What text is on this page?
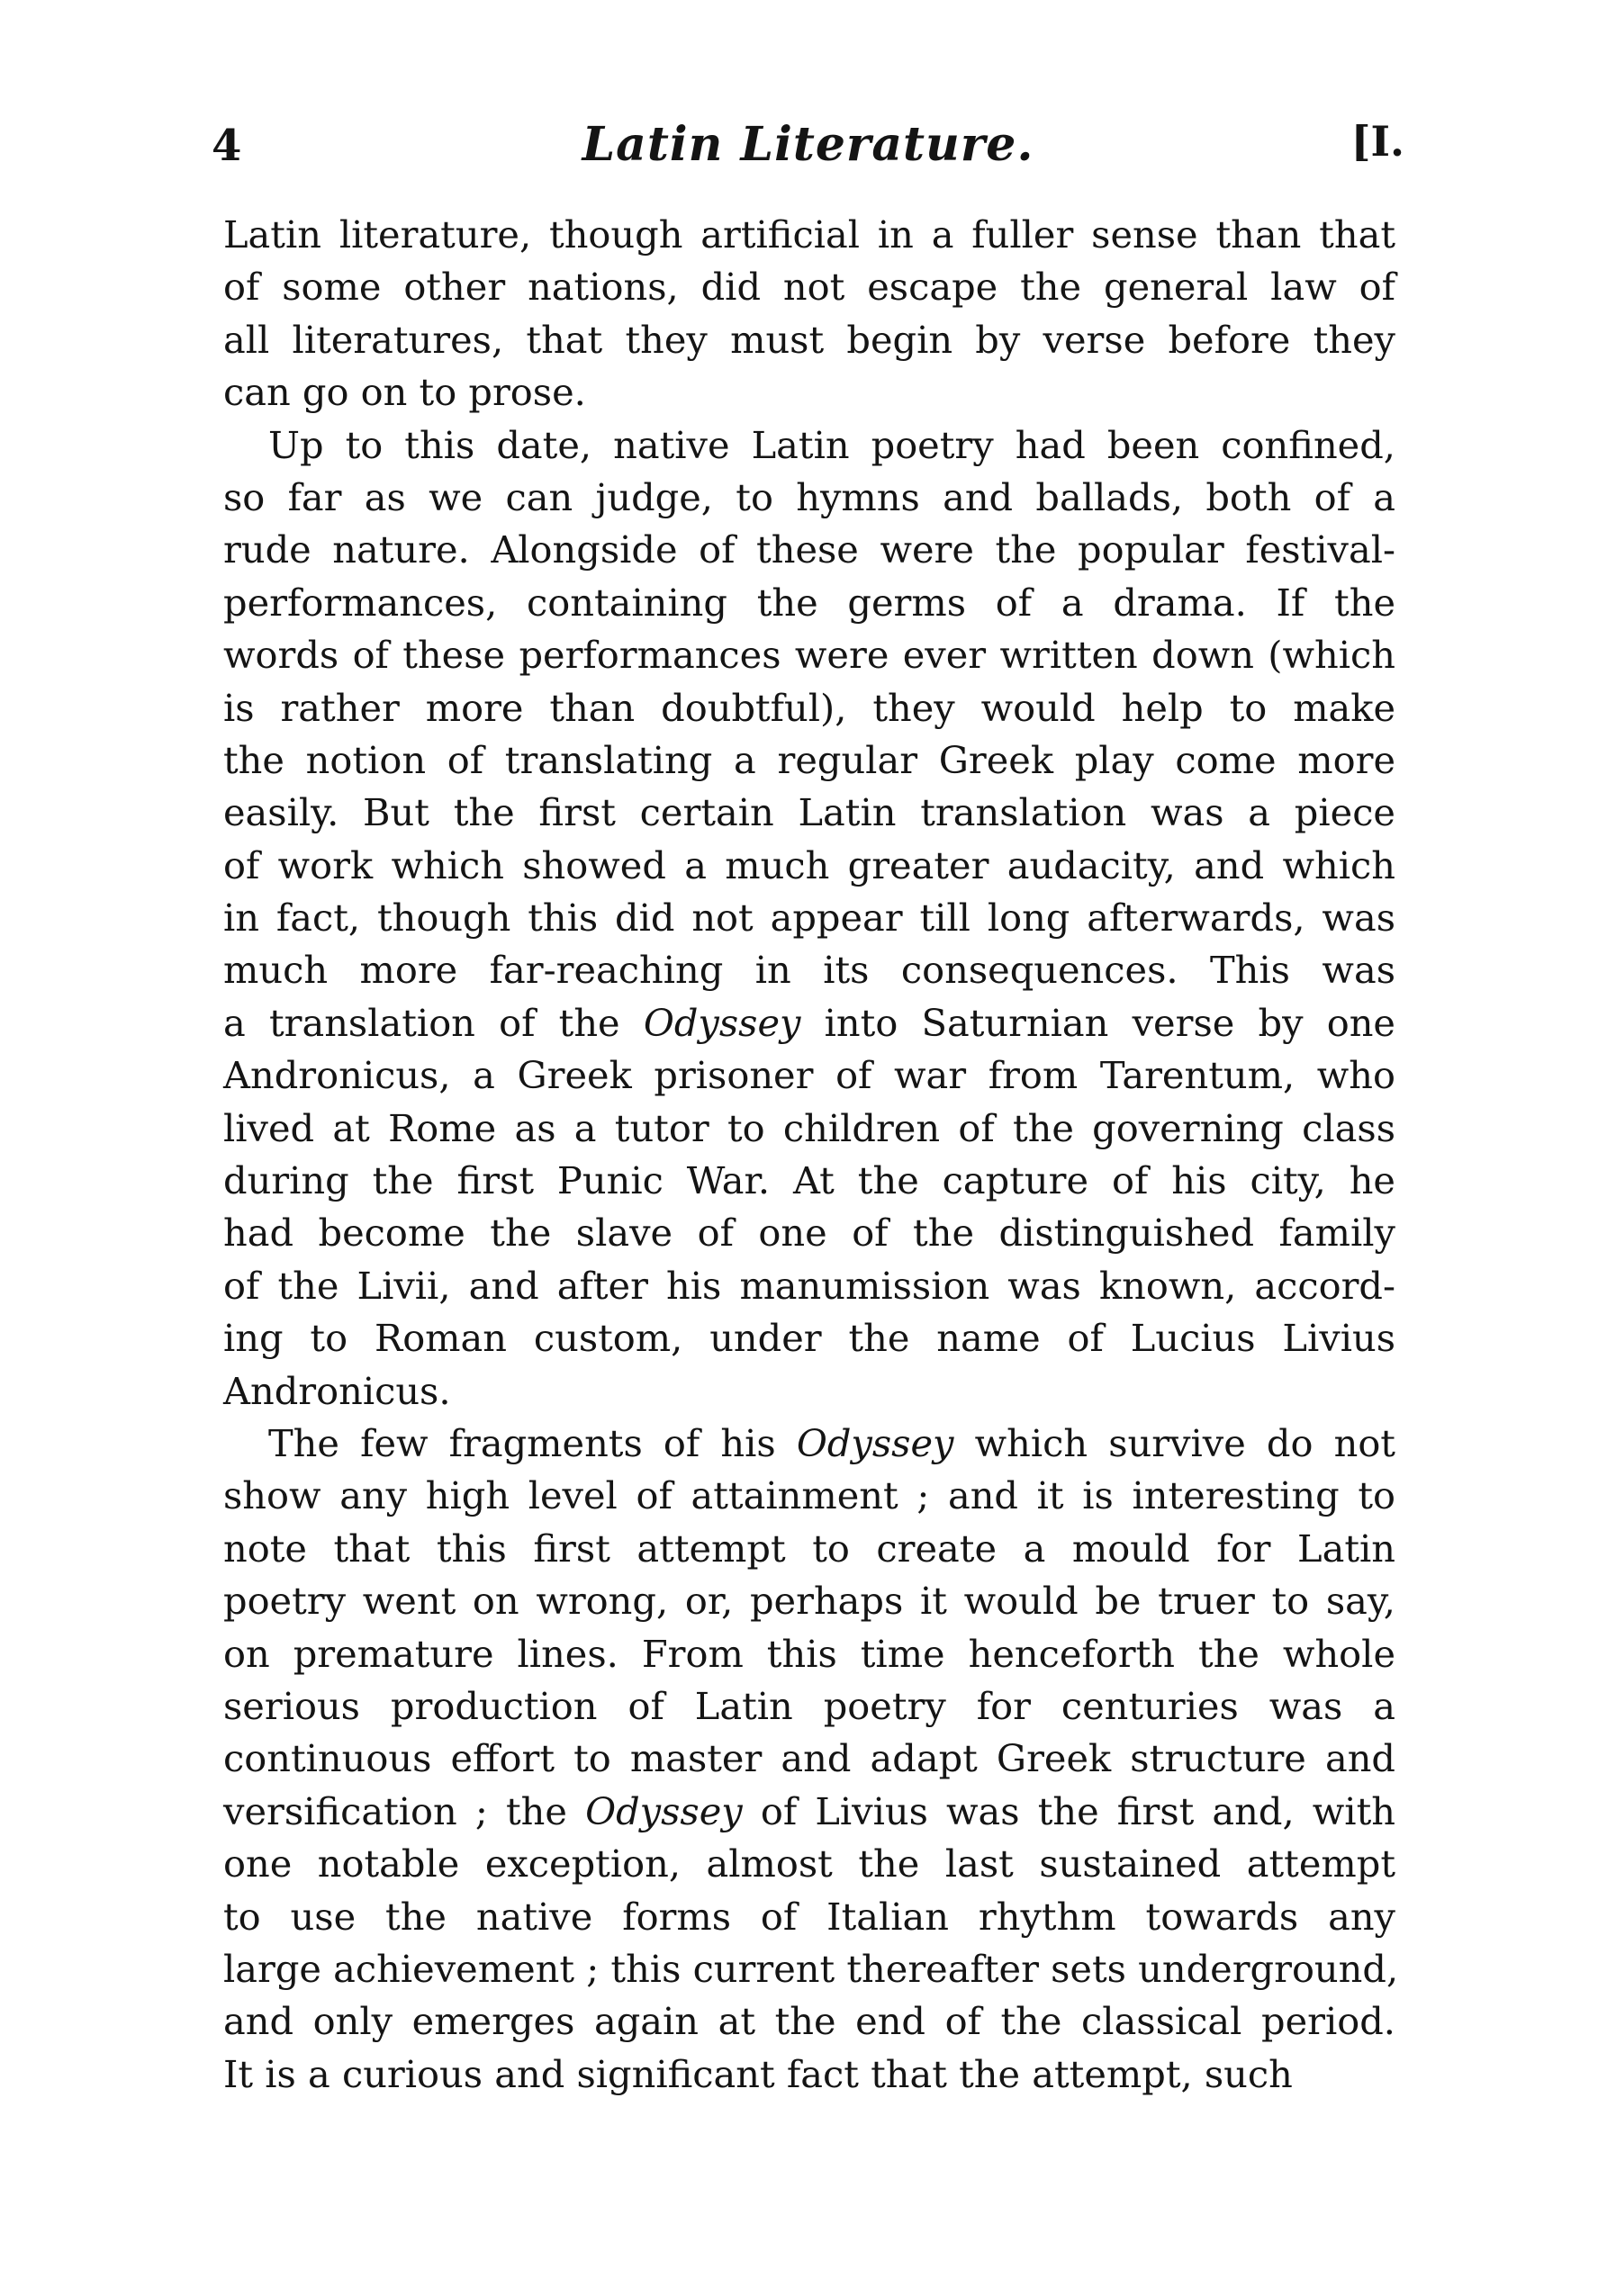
4	Latin Literature.	[I.
Latin literature, though artificial in a fuller sense than that
of some other nations, did not escape the general law of
all literatures, that they must begin by verse before they
can go on to prose.
Up to this date, native Latin poetry had been confined,
so far as we can judge, to hymns and ballads, both of a
rude nature. Alongside of these were the popular festival-
performances, containing the germs of a drama. If the
words of these performances were ever written down (which
is rather more than doubtful), they would help to make
the notion of translating a regular Greek play come more
easily. But the first certain Latin translation was a piece
of work which showed a much greater audacity, and which
in fact, though this did not appear till long afterwards, was
much more far-reaching in its consequences. This was
a translation of the Odyssey into Saturnian verse by one
Andronicus, a Greek prisoner of war from Tarentum, who
lived at Rome as a tutor to children of the governing class
during the first Punic War. At the capture of his city, he
had become the slave of one of the distinguished family
of the Livii, and after his manumission was known, accord-
ing to Roman custom, under the name of Lucius Livius
Andronicus.
The few fragments of his Odyssey which survive do not
show any high level of attainment ; and it is interesting to
note that this first attempt to create a mould for Latin
poetry went on wrong, or, perhaps it would be truer to say,
on premature lines. From this time henceforth the whole
serious production of Latin poetry for centuries was a
continuous effort to master and adapt Greek structure and
versification ; the Odyssey of Livius was the first and, with
one notable exception, almost the last sustained attempt
to use the native forms of Italian rhythm towards any
large achievement ; this current thereafter sets underground,
and only emerges again at the end of the classical period.
It is a curious and significant fact that the attempt, such
